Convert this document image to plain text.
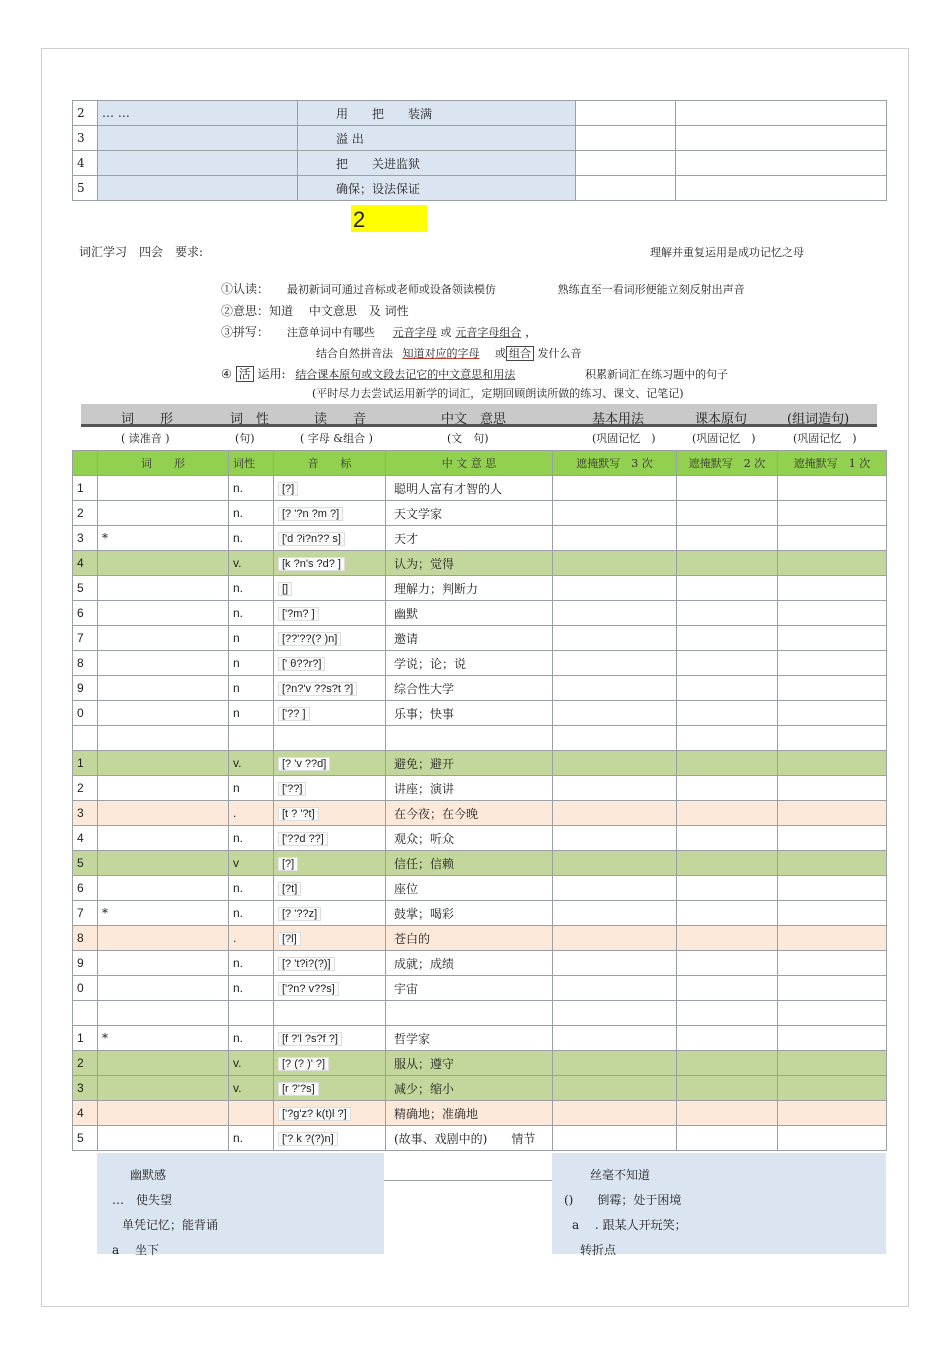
2	… …	用　　把　　装满		
3		溢 出		
4		把　　关进监狱		
5		确保；设法保证		
2
词汇学习　四会　要求:	理解并重复运用是成功记忆之母
①认读： 最初新词可通过音标或老师或设备领读模仿	熟练直至一看词形便能立刻反射出声音
②意思：知道　 中文意思　及 词性
③拼写： 注意单词中有哪些 元音字母 或 元音字母组合 ，
结合自然拼音法 知道对应的字母 或 组合 发什么音
④ 活 运用: 结合课本原句或文段去记它的中文意思和用法	积累新词汇在练习题中的句子
(平时尽力去尝试运用新学的词汇，定期回顾朗读所做的练习、课文、记笔记)
词　　形	词　性	读　　音	中文　意思	基本用法	课本原句	(组词造句)
( 读准音 )	(句)	( 字母 &组合 )	(文　句)	(巩固记忆　)	(巩固记忆　)	(巩固记忆　)
	词　　形	词性	音　　标	中 文 意 思	遮掩默写　3 次	遮掩默写　2 次	遮掩默写　1 次
1		n.	[?]	聪明人富有才智的人			
2		n.	[? '?n ?m ?]	天文学家			
3	*	n.	['d ?i?n?? s]	天才			
4		v.	[k ?n's ?d? ]	认为；觉得			
5		n.	[]	理解力；判断力			
6		n.	['?m? ]	幽默			
7		n	[??'??(? )n]	邀请			
8		n	[' θ??r?]	学说；论；说			
9		n	[?n?'v ??s?t ?]	综合性大学			
0		n	['?? ]	乐事；快事			

1		v.	[? 'v ??d]	避免；避开			
2		n	['??]	讲座；演讲			
3		.	[t ? '?t]	在今夜；在今晚			
4		n.	['??d ??]	观众；听众			
5		v	[?]	信任；信赖			
6		n.	[?t]	座位			
7	*	n.	[? '??z]	鼓掌；喝彩			
8		.	[?l]	苍白的			
9		n.	[? 't?i?(?)]	成就；成绩			
0		n.	['?n? v??s]	宇宙			

1	*	n.	[f ?'l ?s?f ?]	哲学家			
2		v.	[? (? )' ?]	服从；遵守			
3		v.	[r ?'?s]	减少；缩小			
4			['?g'z? k(t)l ?]	精确地；准确地			
5		n.	['? k ?(?)n]	(故事、戏剧中的)　　情节			
幽默感
…　使失望
单凭记忆；能背诵
a　 坐下
丝毫不知道
()　　倒霉；处于困境
a　 . 跟某人开玩笑；
转折点
